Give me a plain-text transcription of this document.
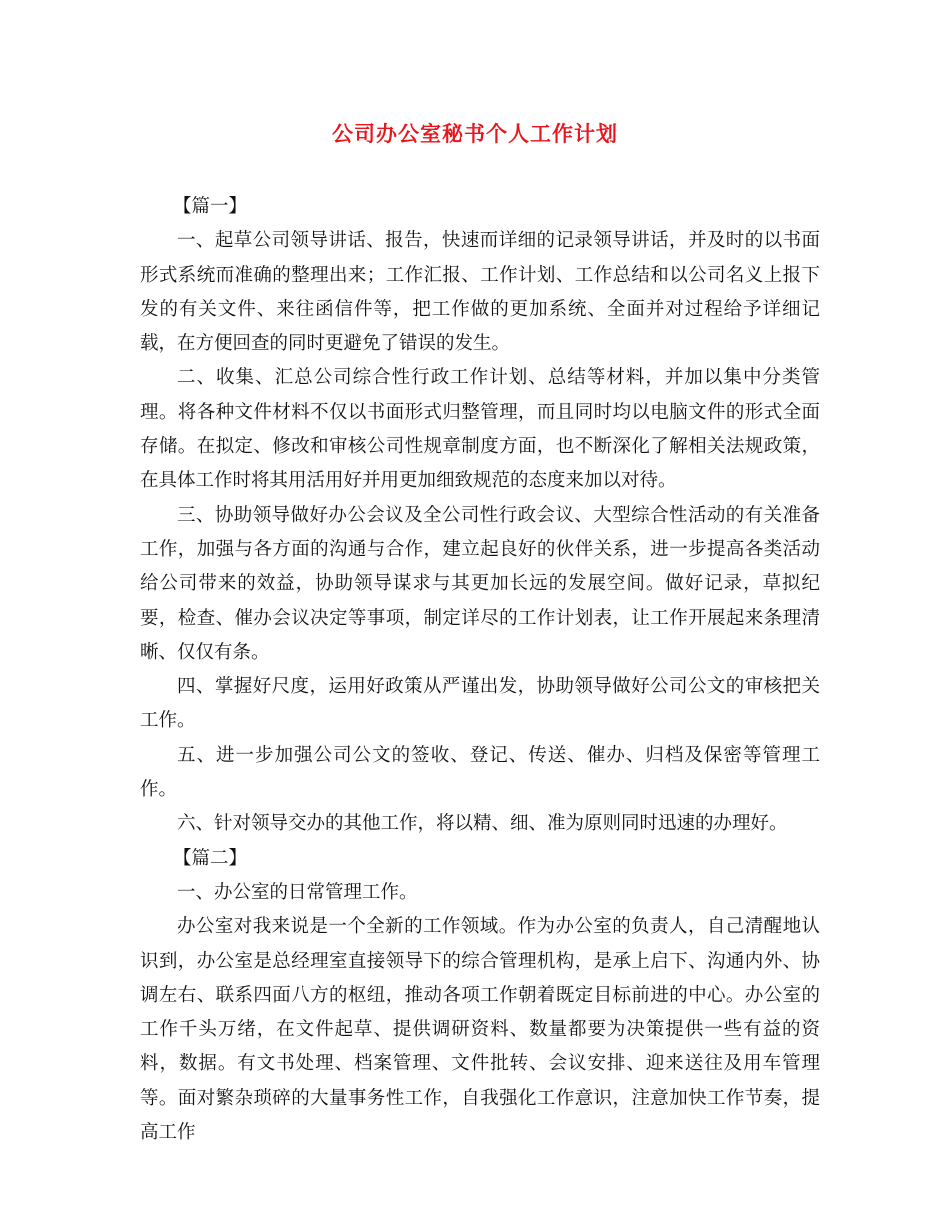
公司办公室秘书个人工作计划

【篇一】

一、起草公司领导讲话、报告，快速而详细的记录领导讲话，并及时的以书面形式系统而准确的整理出来；工作汇报、工作计划、工作总结和以公司名义上报下发的有关文件、来往函信件等，把工作做的更加系统、全面并对过程给予详细记载，在方便回查的同时更避免了错误的发生。

二、收集、汇总公司综合性行政工作计划、总结等材料，并加以集中分类管理。将各种文件材料不仅以书面形式归整管理，而且同时均以电脑文件的形式全面存储。在拟定、修改和审核公司性规章制度方面，也不断深化了解相关法规政策，在具体工作时将其用活用好并用更加细致规范的态度来加以对待。

三、协助领导做好办公会议及全公司性行政会议、大型综合性活动的有关准备工作，加强与各方面的沟通与合作，建立起良好的伙伴关系，进一步提高各类活动给公司带来的效益，协助领导谋求与其更加长远的发展空间。做好记录，草拟纪要，检查、催办会议决定等事项，制定详尽的工作计划表，让工作开展起来条理清晰、仅仅有条。

四、掌握好尺度，运用好政策从严谨出发，协助领导做好公司公文的审核把关工作。

五、进一步加强公司公文的签收、登记、传送、催办、归档及保密等管理工作。

六、针对领导交办的其他工作，将以精、细、准为原则同时迅速的办理好。

【篇二】

一、办公室的日常管理工作。

办公室对我来说是一个全新的工作领域。作为办公室的负责人，自己清醒地认识到，办公室是总经理室直接领导下的综合管理机构，是承上启下、沟通内外、协调左右、联系四面八方的枢纽，推动各项工作朝着既定目标前进的中心。办公室的工作千头万绪，在文件起草、提供调研资料、数量都要为决策提供一些有益的资料，数据。有文书处理、档案管理、文件批转、会议安排、迎来送往及用车管理等。面对繁杂琐碎的大量事务性工作，自我强化工作意识，注意加快工作节奏，提高工作
